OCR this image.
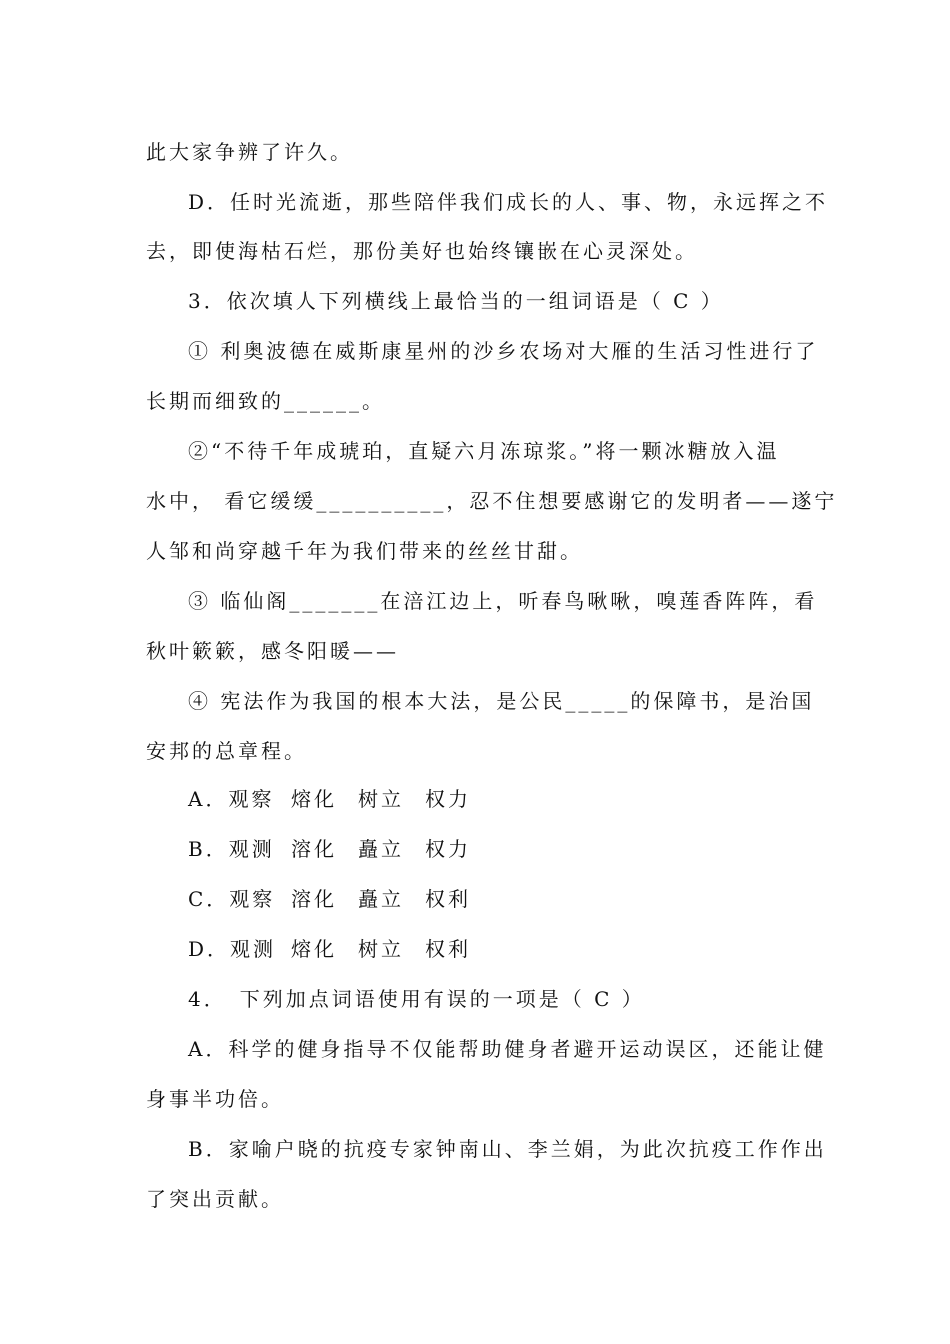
此大家争辨了许久。
D．任时光流逝，那些陪伴我们成长的人、事、物，永远挥之不
去，即使海枯石烂，那份美好也始终镶嵌在心灵深处。
3．依次填人下列横线上最恰当的一组词语是（ C ）
① 利奥波德在威斯康星州的沙乡农场对大雁的生活习性进行了
长期而细致的______。
②“不待千年成琥珀，直疑六月冻琼浆。”将一颗冰糖放入温
水中， 看它缓缓__________，忍不住想要感谢它的发明者——遂宁
人邹和尚穿越千年为我们带来的丝丝甘甜。
③ 临仙阁_______在涪江边上，听春鸟啾啾，嗅莲香阵阵，看
秋叶簌簌，感冬阳暖——
④ 宪法作为我国的根本大法，是公民_____的保障书，是治国
安邦的总章程。
A．观察 熔化 树立 权力
B．观测 溶化 矗立 权力
C．观察 溶化 矗立 权利
D．观测 熔化 树立 权利
4．　下列加点词语使用有误的一项是（ C ）
A．科学的健身指导不仅能帮助健身者避开运动误区，还能让健
身事半功倍。
B．家喻户晓的抗疫专家钟南山、李兰娟，为此次抗疫工作作出
了突出贡献。
